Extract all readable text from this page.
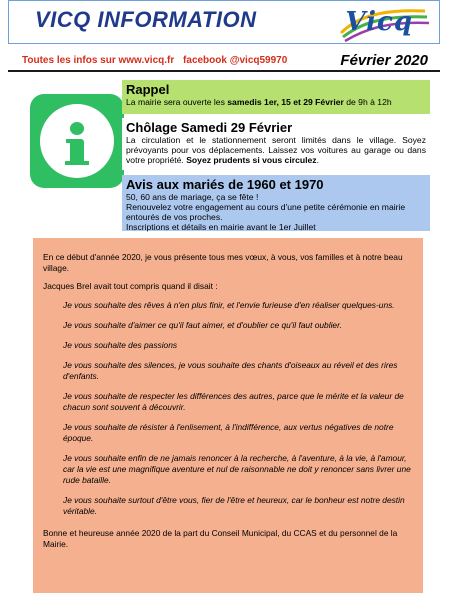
VICQ INFORMATION	Vicq
Toutes les infos sur www.vicq.fr facebook @vicq59970	Février 2020
Rappel
La mairie sera ouverte les samedis 1er, 15 et 29 Février de 9h à 12h
Chôlage Samedi 29 Février
La circulation et le stationnement seront limités dans le village. Soyez prévoyants pour vos déplacements. Laissez vos voitures au garage ou dans votre propriété. Soyez prudents si vous circulez.
Avis aux mariés de 1960 et 1970
50, 60 ans de mariage, ça se fête !
Renouvelez votre engagement au cours d'une petite cérémonie en mairie entourés de vos proches.
Inscriptions et détails en mairie avant le 1er Juillet

En ce début d'année 2020, je vous présente tous mes vœux, à vous, vos familles et à notre beau village.

Jacques Brel avait tout compris quand il disait :

Je vous souhaite des rêves à n'en plus finir, et l'envie furieuse d'en réaliser quelques-uns.

Je vous souhaite d'aimer ce qu'il faut aimer, et d'oublier ce qu'il faut oublier.

Je vous souhaite des passions

Je vous souhaite des silences, je vous souhaite des chants d'oiseaux au réveil et des rires d'enfants.

Je vous souhaite de respecter les différences des autres, parce que le mérite et la valeur de chacun sont souvent à découvrir.

Je vous souhaite de résister à l'enlisement, à l'indifférence, aux vertus négatives de notre époque.

Je vous souhaite enfin de ne jamais renoncer à la recherche, à l'aventure, à la vie, à l'amour, car la vie est une magnifique aventure et nul de raisonnable ne doit y renoncer sans livrer une rude bataille.

Je vous souhaite surtout d'être vous, fier de l'être et heureux, car le bonheur est notre destin véritable.

Bonne et heureuse année 2020 de la part du Conseil Municipal, du CCAS et du personnel de la Mairie.
